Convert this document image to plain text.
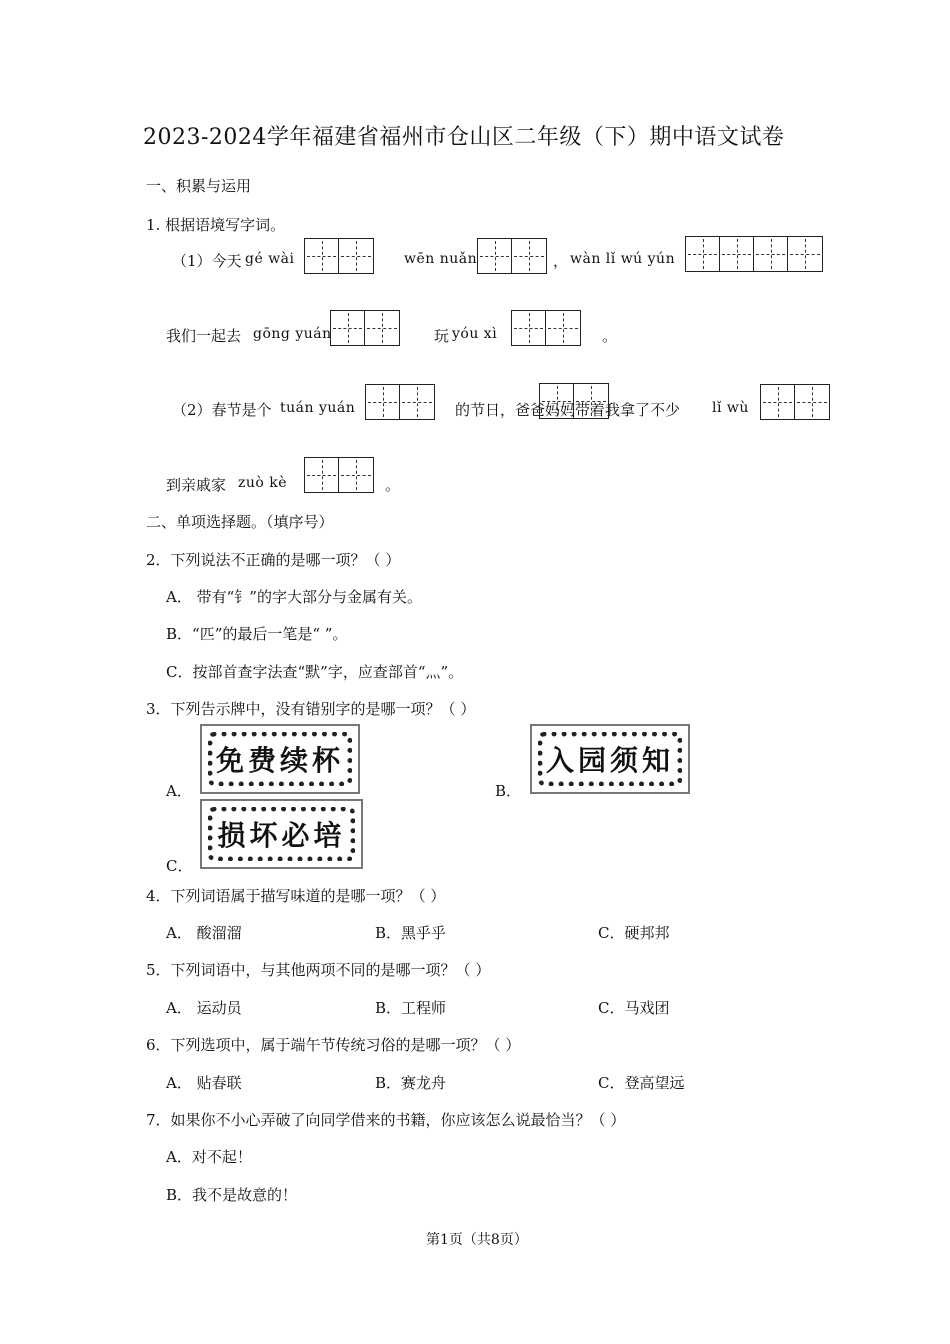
2023-2024学年福建省福州市仓山区二年级（下）期中语文试卷
一、积累与运用
1. 根据语境写字词。
（1）今天 gé wài	wēn nuǎn	， wàn lǐ wú yún
我们一起去 gōng yuán	玩 yóu xì	。
（2）春节是个 tuán yuán	的节日，爸爸妈妈带着我拿了不少 lǐ wù
到亲戚家 zuò kè	。
二、单项选择题。（填序号）
2．下列说法不正确的是哪一项？（ ）
A． 带有“钅”的字大部分与金属有关。
B．“匹”的最后一笔是“ ”。
C．按部首查字法查“默”字，应查部首“灬”。
3．下列告示牌中，没有错别字的是哪一项？（ ）
A．
免费续杯
B．
入园须知
C．
损坏必培
4．下列词语属于描写味道的是哪一项？（ ）
A． 酸溜溜	B．黑乎乎	C．硬邦邦
5．下列词语中，与其他两项不同的是哪一项？（ ）
A． 运动员	B．工程师	C．马戏团
6．下列选项中，属于端午节传统习俗的是哪一项？（ ）
A． 贴春联	B．赛龙舟	C．登高望远
7．如果你不小心弄破了向同学借来的书籍，你应该怎么说最恰当？（ ）
A．对不起！
B．我不是故意的！
第1页（共8页）
